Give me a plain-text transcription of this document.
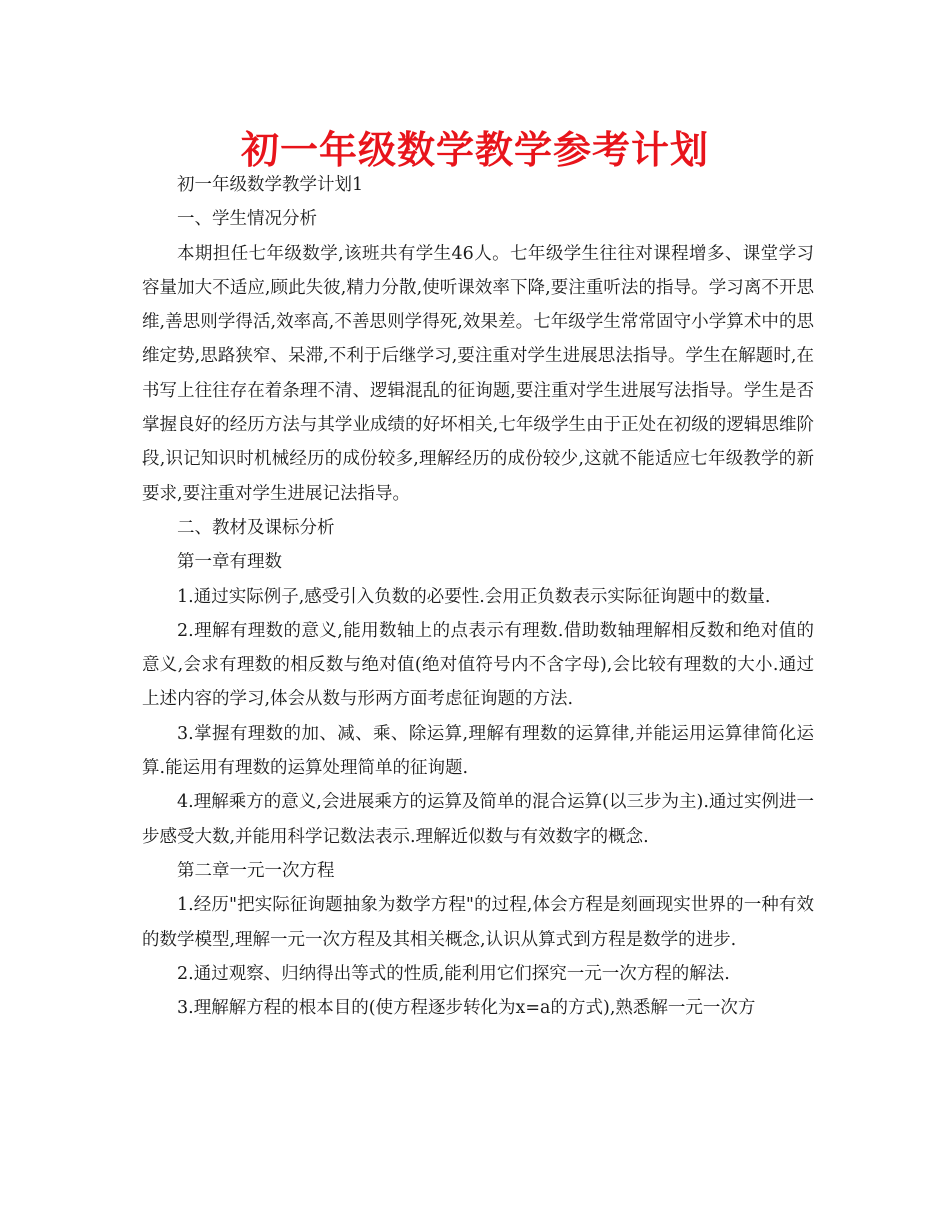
初一年级数学教学参考计划

初一年级数学教学计划1

一、学生情况分析

本期担任七年级数学,该班共有学生46人。七年级学生往往对课程增多、课堂学习容量加大不适应,顾此失彼,精力分散,使听课效率下降,要注重听法的指导。学习离不开思维,善思则学得活,效率高,不善思则学得死,效果差。七年级学生常常固守小学算术中的思维定势,思路狭窄、呆滞,不利于后继学习,要注重对学生进展思法指导。学生在解题时,在书写上往往存在着条理不清、逻辑混乱的征询题,要注重对学生进展写法指导。学生是否掌握良好的经历方法与其学业成绩的好坏相关,七年级学生由于正处在初级的逻辑思维阶段,识记知识时机械经历的成份较多,理解经历的成份较少,这就不能适应七年级教学的新要求,要注重对学生进展记法指导。

二、教材及课标分析

第一章有理数

1.通过实际例子,感受引入负数的必要性.会用正负数表示实际征询题中的数量.

2.理解有理数的意义,能用数轴上的点表示有理数.借助数轴理解相反数和绝对值的意义,会求有理数的相反数与绝对值(绝对值符号内不含字母),会比较有理数的大小.通过上述内容的学习,体会从数与形两方面考虑征询题的方法.

3.掌握有理数的加、减、乘、除运算,理解有理数的运算律,并能运用运算律简化运算.能运用有理数的运算处理简单的征询题.

4.理解乘方的意义,会进展乘方的运算及简单的混合运算(以三步为主).通过实例进一步感受大数,并能用科学记数法表示.理解近似数与有效数字的概念.

第二章一元一次方程

1.经历"把实际征询题抽象为数学方程"的过程,体会方程是刻画现实世界的一种有效的数学模型,理解一元一次方程及其相关概念,认识从算式到方程是数学的进步.

2.通过观察、归纳得出等式的性质,能利用它们探究一元一次方程的解法.

3.理解解方程的根本目的(使方程逐步转化为x=a的方式),熟悉解一元一次方
